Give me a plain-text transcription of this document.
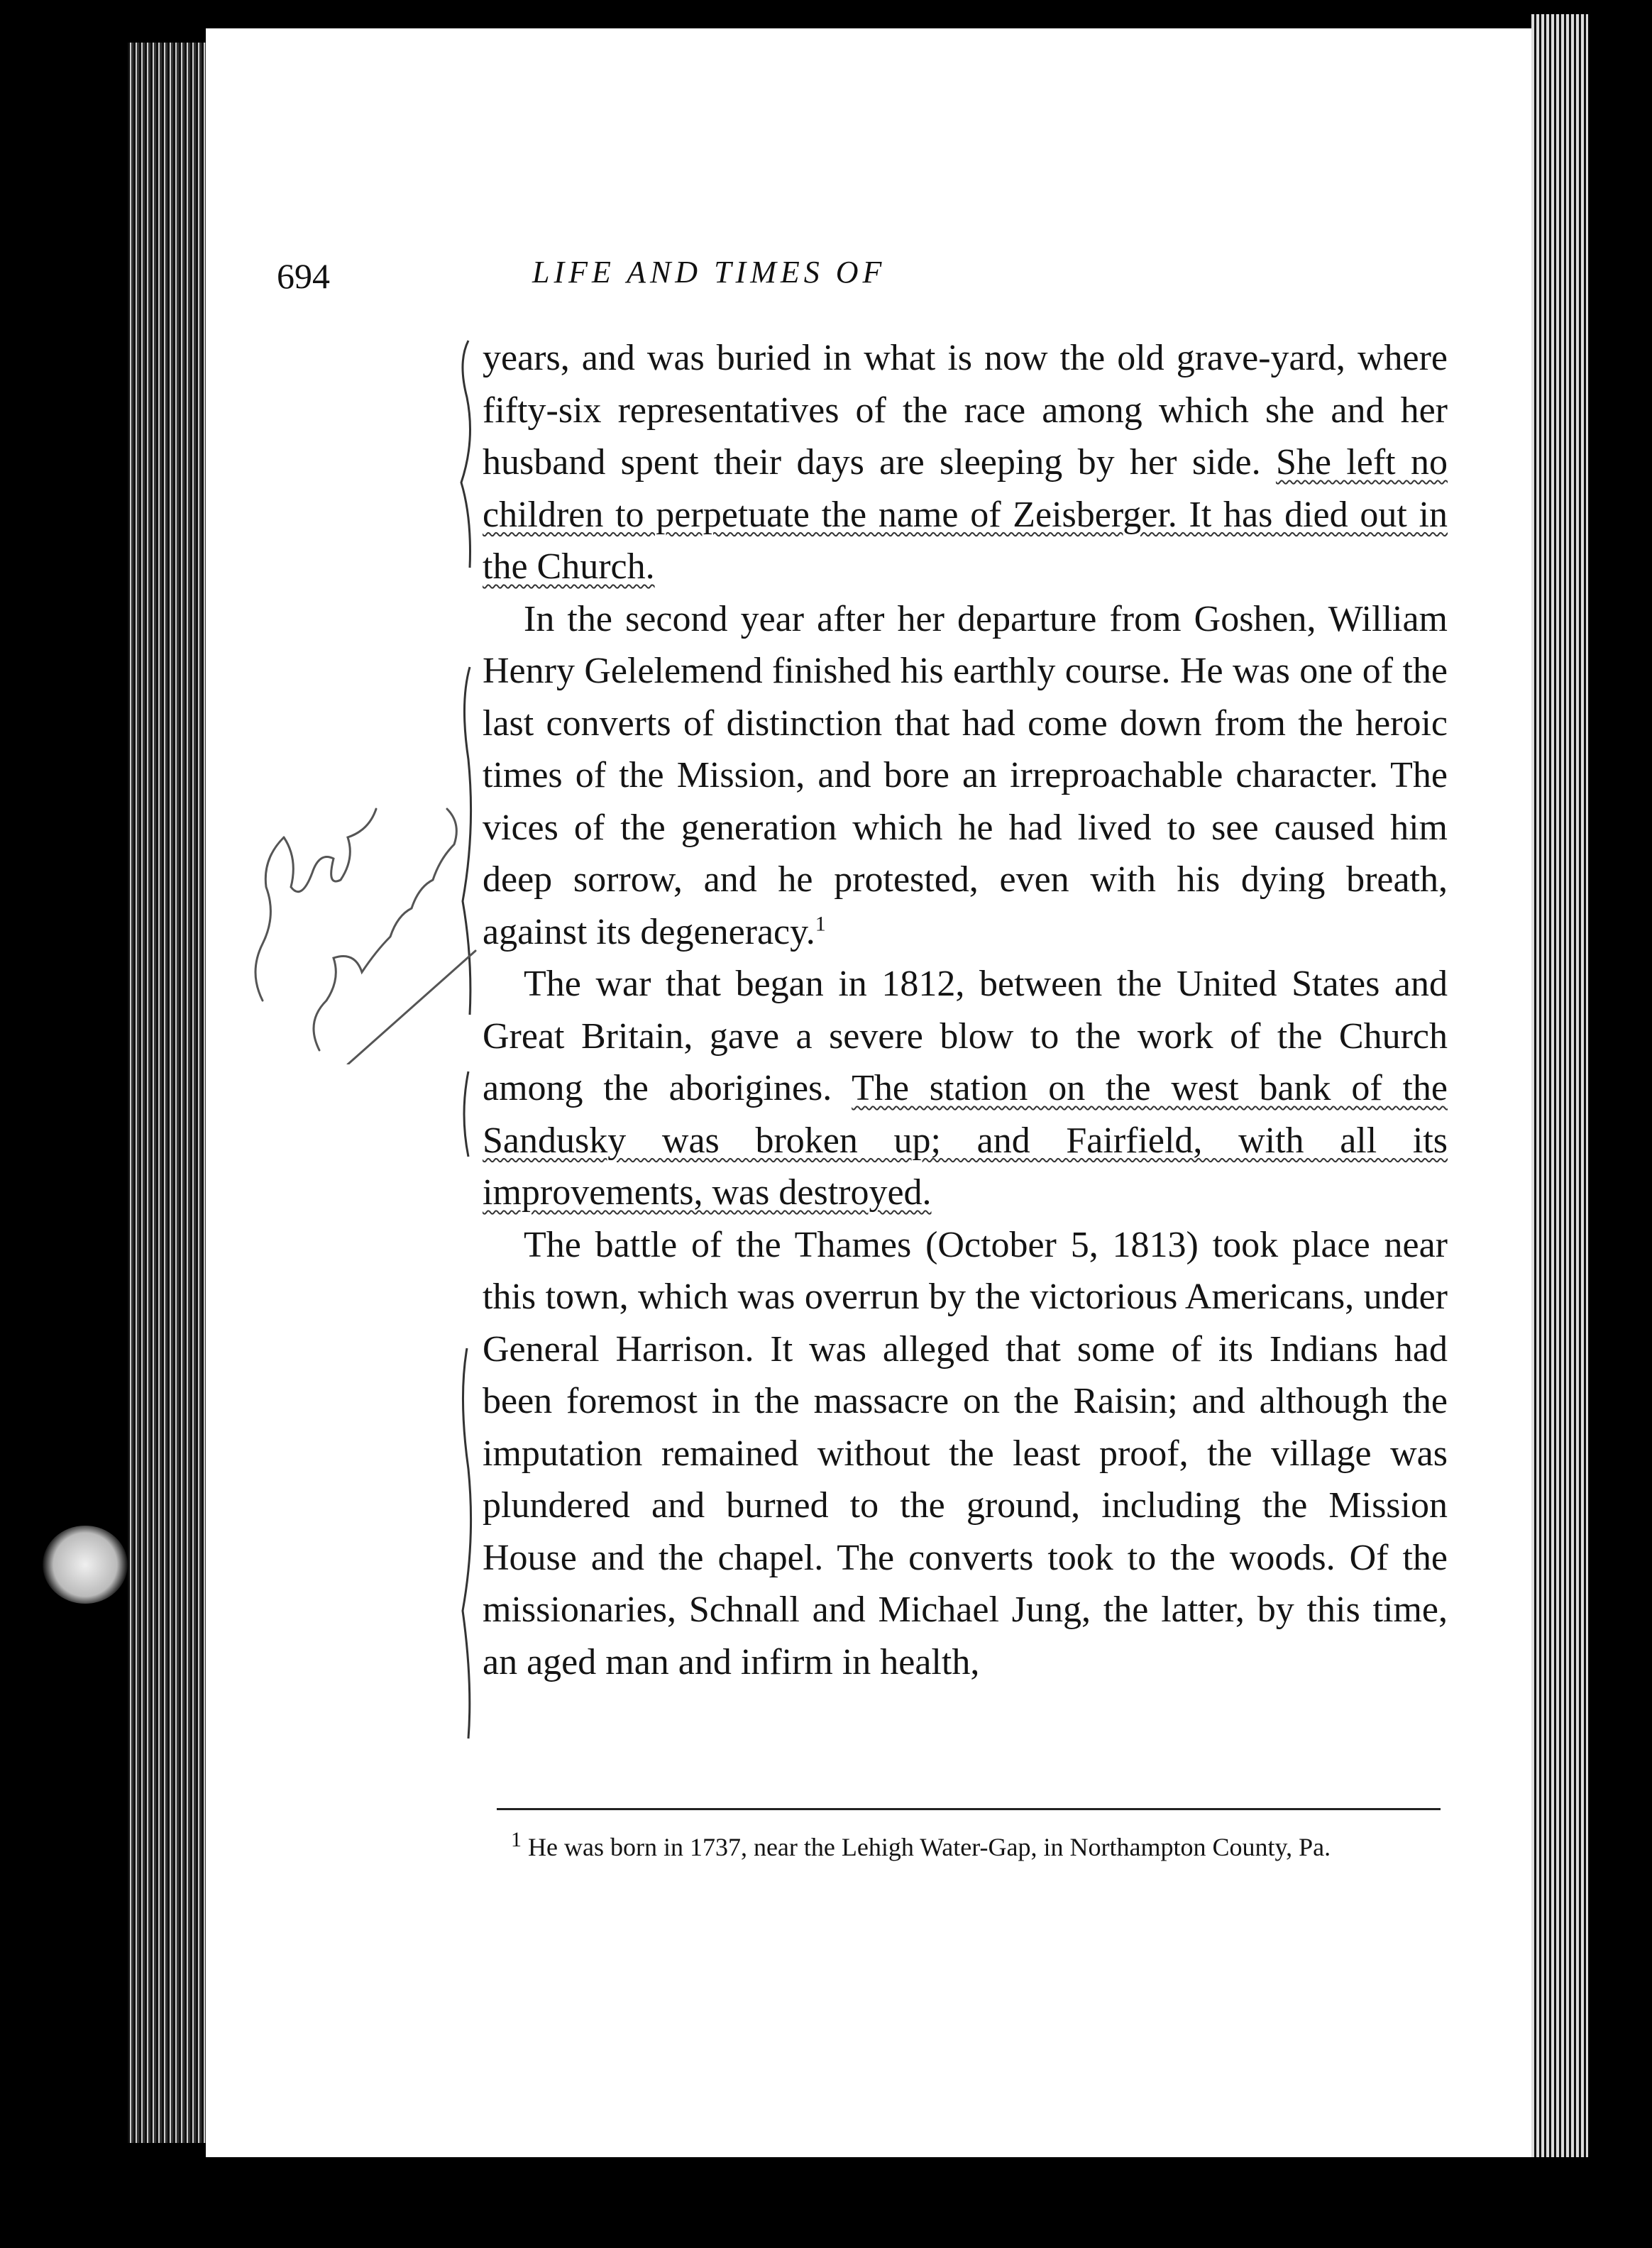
694	LIFE AND TIMES OF

years, and was buried in what is now the old grave-yard, where fifty-six representatives of the race among which she and her husband spent their days are sleeping by her side. She left no children to perpetuate the name of Zeisberger. It has died out in the Church.

In the second year after her departure from Goshen, William Henry Gelelemend finished his earthly course. He was one of the last converts of distinction that had come down from the heroic times of the Mission, and bore an irreproachable character. The vices of the generation which he had lived to see caused him deep sorrow, and he protested, even with his dying breath, against its degeneracy.$^1$

The war that began in 1812, between the United States and Great Britain, gave a severe blow to the work of the Church among the aborigines. The station on the west bank of the Sandusky was broken up; and Fairfield, with all its improvements, was destroyed.

The battle of the Thames (October 5, 1813) took place near this town, which was overrun by the victorious Americans, under General Harrison. It was alleged that some of its Indians had been foremost in the massacre on the Raisin; and although the imputation remained without the least proof, the village was plundered and burned to the ground, including the Mission House and the chapel. The converts took to the woods. Of the missionaries, Schnall and Michael Jung, the latter, by this time, an aged man and infirm in health,

$^1$ He was born in 1737, near the Lehigh Water-Gap, in Northampton County, Pa.
